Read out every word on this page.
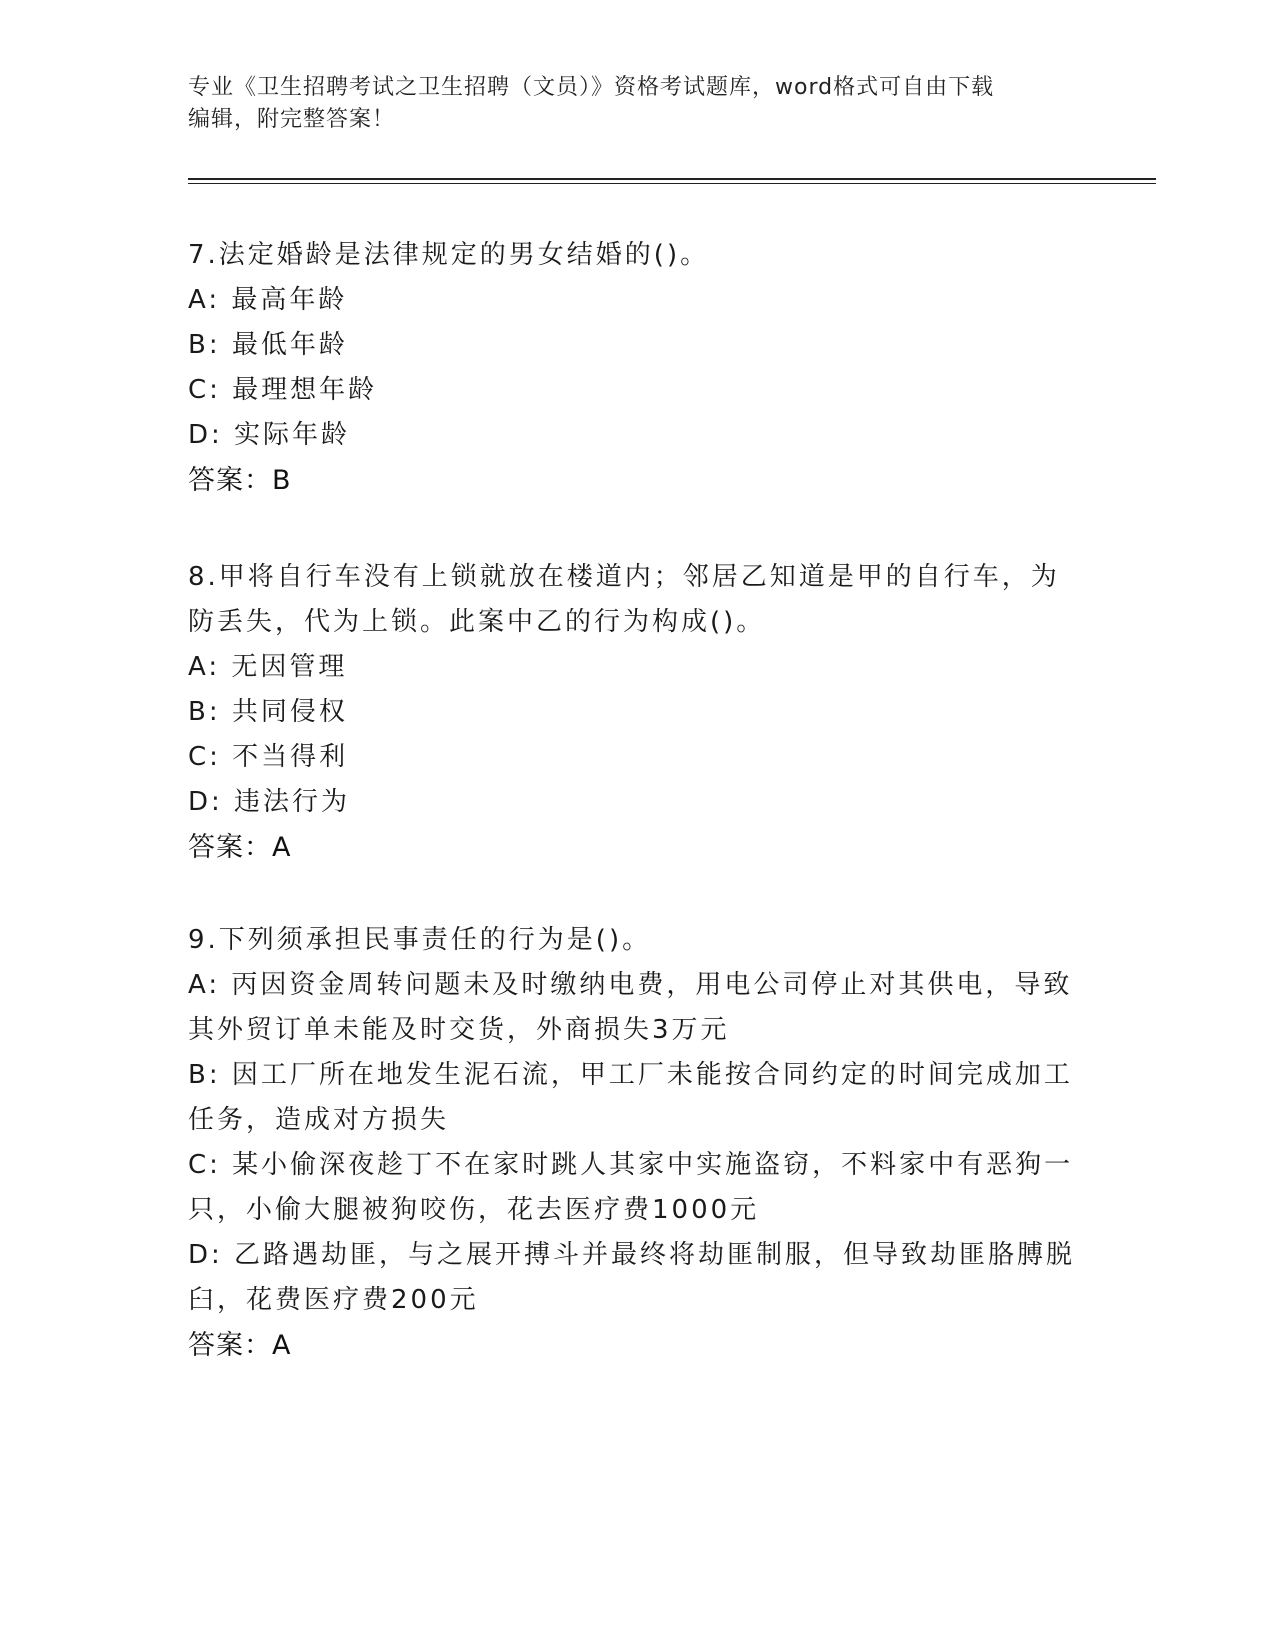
专业《卫生招聘考试之卫生招聘（文员）》资格考试题库，word格式可自由下载
编辑，附完整答案！
7.法定婚龄是法律规定的男女结婚的()。
A: 最高年龄
B: 最低年龄
C: 最理想年龄
D: 实际年龄
答案：B
8.甲将自行车没有上锁就放在楼道内；邻居乙知道是甲的自行车，为
防丢失，代为上锁。此案中乙的行为构成()。
A: 无因管理
B: 共同侵权
C: 不当得利
D: 违法行为
答案：A
9.下列须承担民事责任的行为是()。
A: 丙因资金周转问题未及时缴纳电费，用电公司停止对其供电，导致
其外贸订单未能及时交货，外商损失3万元
B: 因工厂所在地发生泥石流，甲工厂未能按合同约定的时间完成加工
任务，造成对方损失
C: 某小偷深夜趁丁不在家时跳人其家中实施盗窃，不料家中有恶狗一
只，小偷大腿被狗咬伤，花去医疗费1000元
D: 乙路遇劫匪，与之展开搏斗并最终将劫匪制服，但导致劫匪胳膊脱
臼，花费医疗费200元
答案：A
